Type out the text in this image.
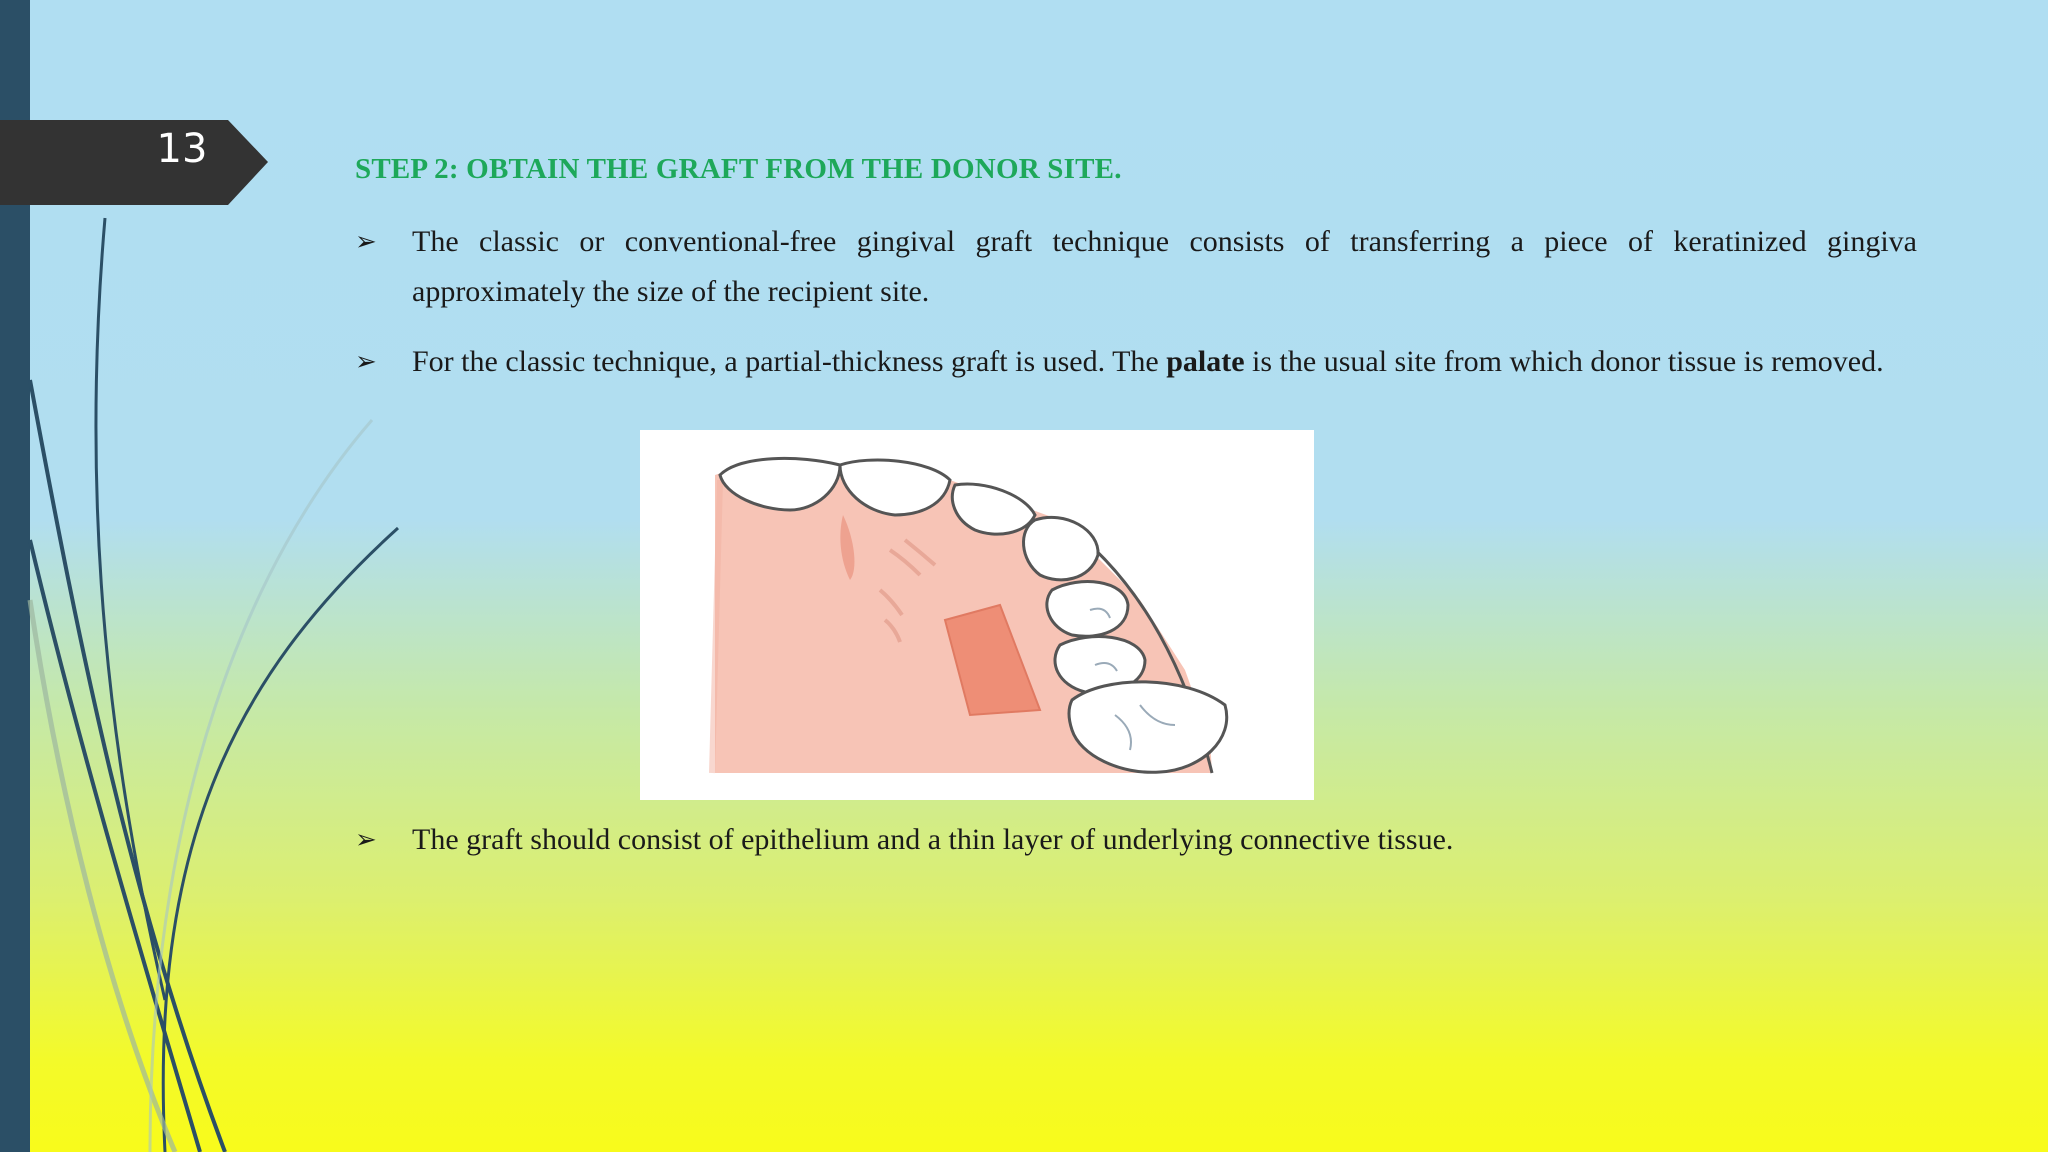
13	STEP 2: OBTAIN THE GRAFT FROM THE DONOR SITE.
➢ The classic or conventional-free gingival graft technique consists of transferring a piece of keratinized gingiva approximately the size of the recipient site.
➢ For the classic technique, a partial-thickness graft is used. The palate is the usual site from which donor tissue is removed.
➢ The graft should consist of epithelium and a thin layer of underlying connective tissue.
